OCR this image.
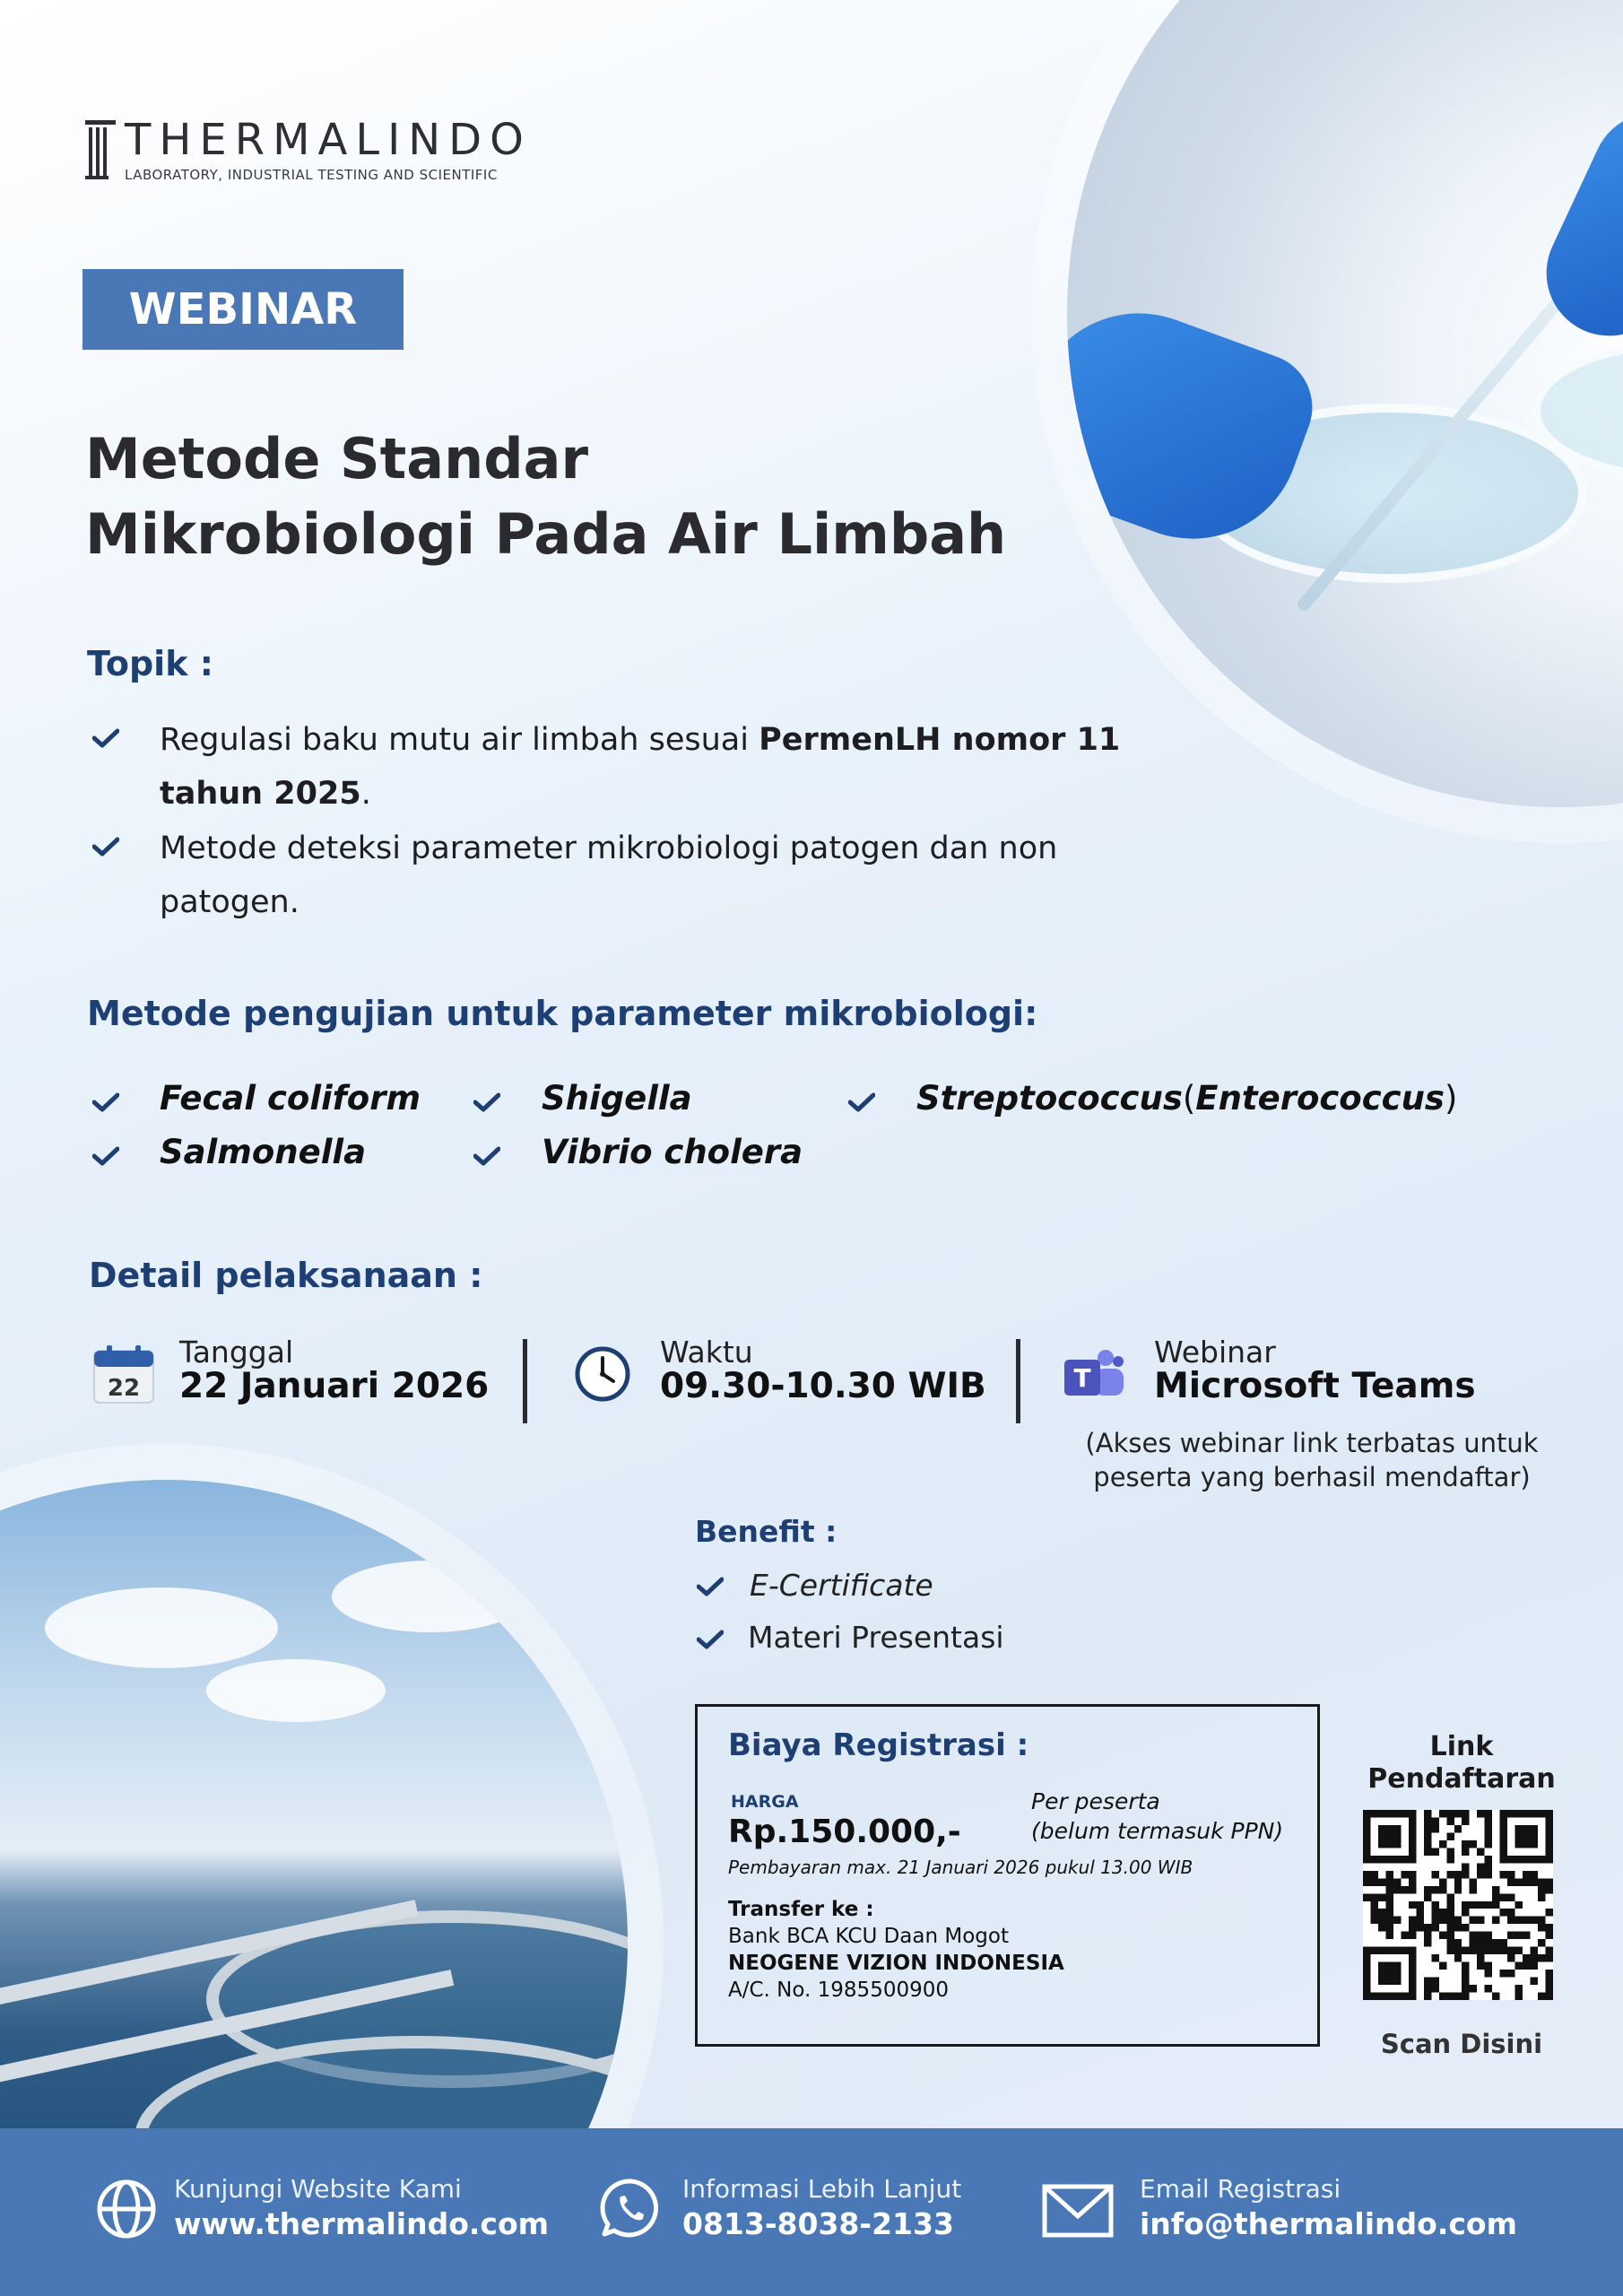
THERMALINDO
LABORATORY, INDUSTRIAL TESTING AND SCIENTIFIC
WEBINAR
Metode Standar
Mikrobiologi Pada Air Limbah
Topik :
Regulasi baku mutu air limbah sesuai PermenLH nomor 11
tahun 2025.
Metode deteksi parameter mikrobiologi patogen dan non
patogen.
Metode pengujian untuk parameter mikrobiologi:
Fecal coliform	Shigella	Streptococcus(Enterococcus)
Salmonella	Vibrio cholera
Detail pelaksanaan :
22
Tanggal
22 Januari 2026
Waktu
09.30-10.30 WIB	T
Webinar
Microsoft Teams
(Akses webinar link terbatas untuk
peserta yang berhasil mendaftar)
Benefit :
E-Certificate
Materi Presentasi
Biaya Registrasi :
HARGA
Rp.150.000,-
Per peserta
(belum termasuk PPN)
Pembayaran max. 21 Januari 2026 pukul 13.00 WIB
Transfer ke :
Bank BCA KCU Daan Mogot
NEOGENE VIZION INDONESIA
A/C. No. 1985500900
Link
Pendaftaran
Scan Disini
Kunjungi Website Kami
www.thermalindo.com
Informasi Lebih Lanjut
0813-8038-2133
Email Registrasi
info@thermalindo.com
